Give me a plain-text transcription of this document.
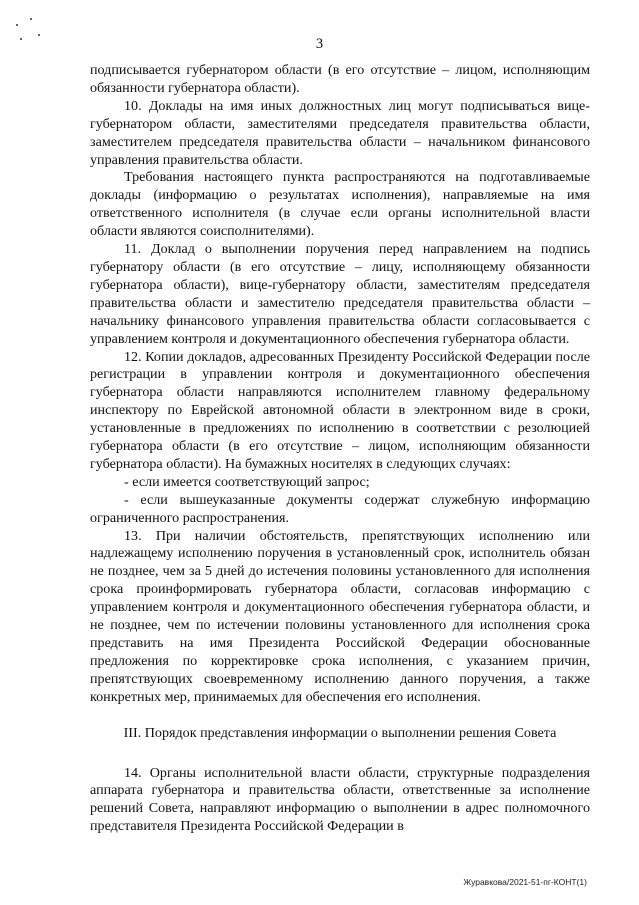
3

подписывается губернатором области (в его отсутствие – лицом, исполняющим обязанности губернатора области).

10. Доклады на имя иных должностных лиц могут подписываться вице-губернатором области, заместителями председателя правительства области, заместителем председателя правительства области – начальником финансового управления правительства области.

Требования настоящего пункта распространяются на подготавливаемые доклады (информацию о результатах исполнения), направляемые на имя ответственного исполнителя (в случае если органы исполнительной власти области являются соисполнителями).

11. Доклад о выполнении поручения перед направлением на подпись губернатору области (в его отсутствие – лицу, исполняющему обязанности губернатора области), вице-губернатору области, заместителям председателя правительства области и заместителю председателя правительства области – начальнику финансового управления правительства области согласовывается с управлением контроля и документационного обеспечения губернатора области.

12. Копии докладов, адресованных Президенту Российской Федерации после регистрации в управлении контроля и документационного обеспечения губернатора области направляются исполнителем главному федеральному инспектору по Еврейской автономной области в электронном виде в сроки, установленные в предложениях по исполнению в соответствии с резолюцией губернатора области (в его отсутствие – лицом, исполняющим обязанности губернатора области). На бумажных носителях в следующих случаях:

- если имеется соответствующий запрос;

- если вышеуказанные документы содержат служебную информацию ограниченного распространения.

13. При наличии обстоятельств, препятствующих исполнению или надлежащему исполнению поручения в установленный срок, исполнитель обязан не позднее, чем за 5 дней до истечения половины установленного для исполнения срока проинформировать губернатора области, согласовав информацию с управлением контроля и документационного обеспечения губернатора области, и не позднее, чем по истечении половины установленного для исполнения срока представить на имя Президента Российской Федерации обоснованные предложения по корректировке срока исполнения, с указанием причин, препятствующих своевременному исполнению данного поручения, а также конкретных мер, принимаемых для обеспечения его исполнения.

III. Порядок представления информации о выполнении решения Совета

14. Органы исполнительной власти области, структурные подразделения аппарата губернатора и правительства области, ответственные за исполнение решений Совета, направляют информацию о выполнении в адрес полномочного представителя Президента Российской Федерации в

Журавкова/2021-51-пг-КОНТ(1)
